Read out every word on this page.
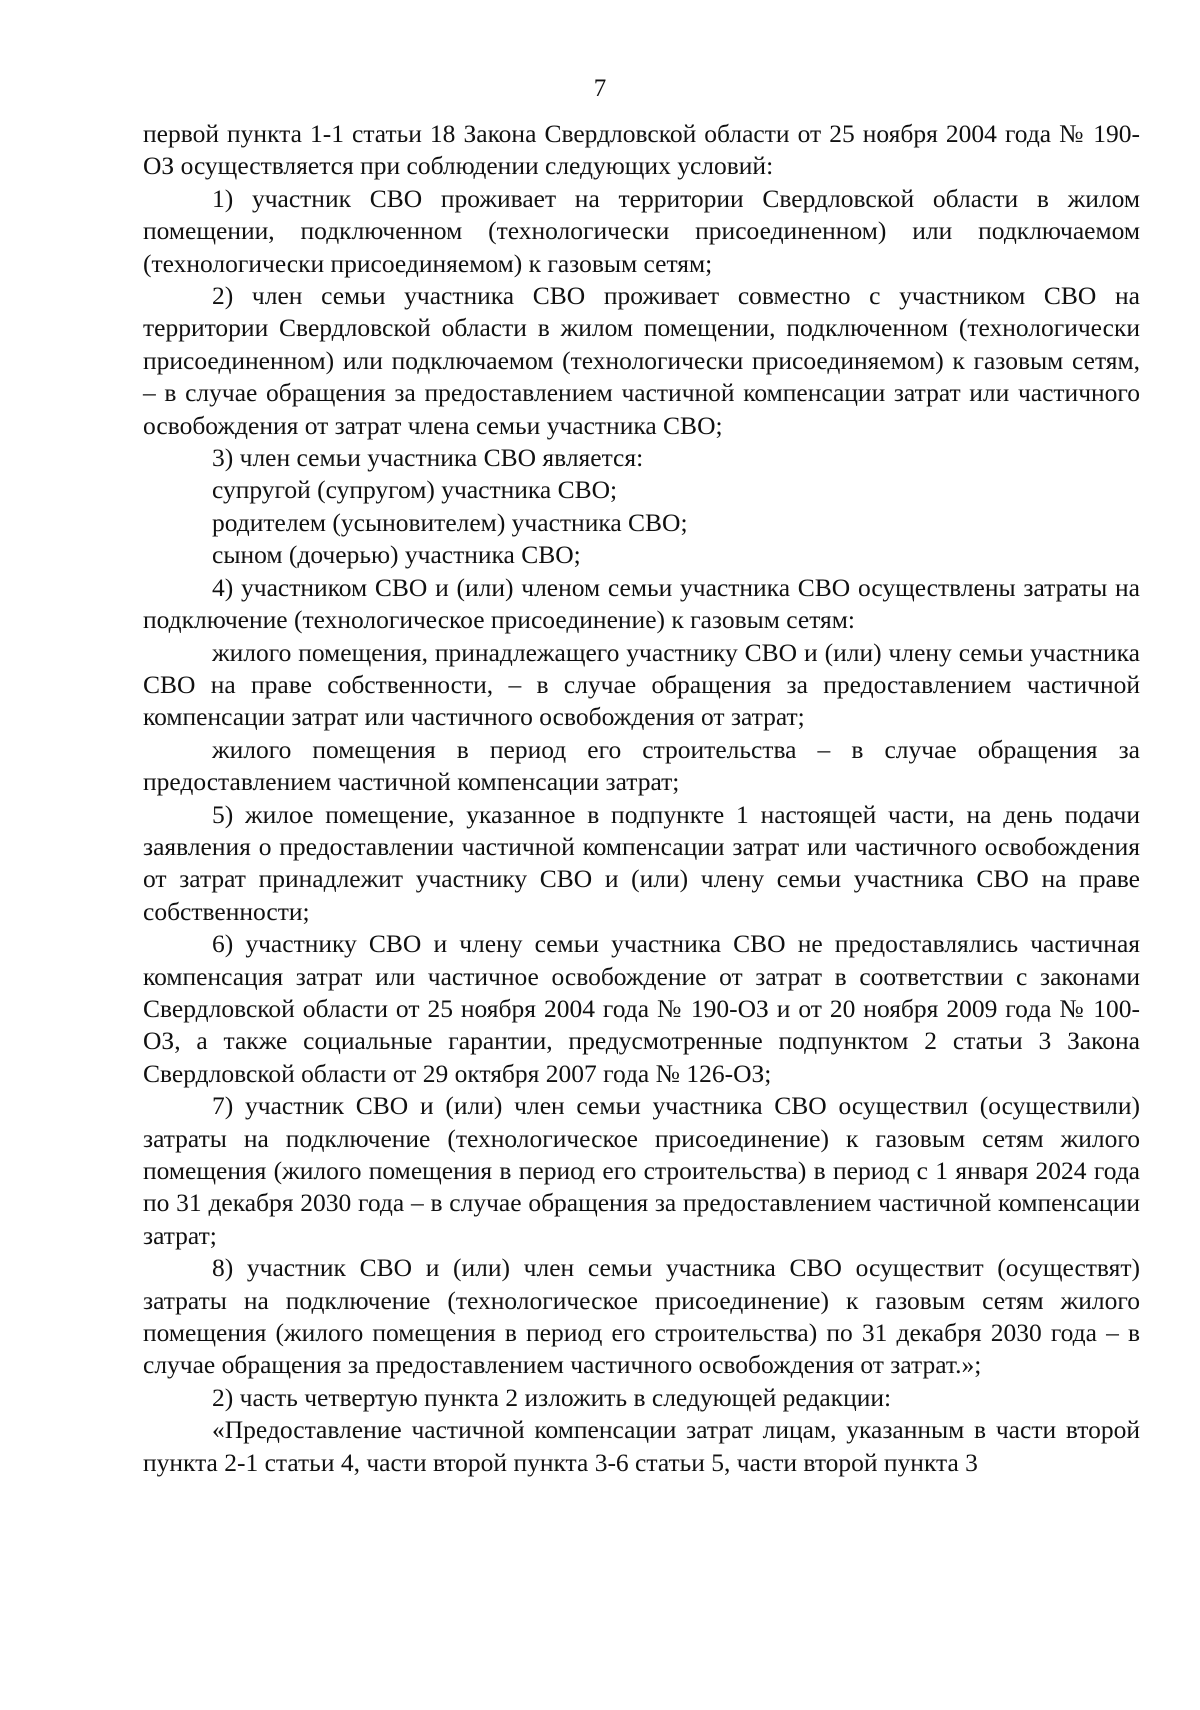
7

первой пункта 1-1 статьи 18 Закона Свердловской области от 25 ноября 2004 года № 190-ОЗ осуществляется при соблюдении следующих условий:

1) участник СВО проживает на территории Свердловской области в жилом помещении, подключенном (технологически присоединенном) или подключаемом (технологически присоединяемом) к газовым сетям;

2) член семьи участника СВО проживает совместно с участником СВО на территории Свердловской области в жилом помещении, подключенном (технологически присоединенном) или подключаемом (технологически присоединяемом) к газовым сетям, – в случае обращения за предоставлением частичной компенсации затрат или частичного освобождения от затрат члена семьи участника СВО;

3) член семьи участника СВО является:

супругой (супругом) участника СВО;

родителем (усыновителем) участника СВО;

сыном (дочерью) участника СВО;

4) участником СВО и (или) членом семьи участника СВО осуществлены затраты на подключение (технологическое присоединение) к газовым сетям:

жилого помещения, принадлежащего участнику СВО и (или) члену семьи участника СВО на праве собственности, – в случае обращения за предоставлением частичной компенсации затрат или частичного освобождения от затрат;

жилого помещения в период его строительства – в случае обращения за предоставлением частичной компенсации затрат;

5) жилое помещение, указанное в подпункте 1 настоящей части, на день подачи заявления о предоставлении частичной компенсации затрат или частичного освобождения от затрат принадлежит участнику СВО и (или) члену семьи участника СВО на праве собственности;

6) участнику СВО и члену семьи участника СВО не предоставлялись частичная компенсация затрат или частичное освобождение от затрат в соответствии с законами Свердловской области от 25 ноября 2004 года № 190-ОЗ и от 20 ноября 2009 года № 100-ОЗ, а также социальные гарантии, предусмотренные подпунктом 2 статьи 3 Закона Свердловской области от 29 октября 2007 года № 126-ОЗ;

7) участник СВО и (или) член семьи участника СВО осуществил (осуществили) затраты на подключение (технологическое присоединение) к газовым сетям жилого помещения (жилого помещения в период его строительства) в период с 1 января 2024 года по 31 декабря 2030 года – в случае обращения за предоставлением частичной компенсации затрат;

8) участник СВО и (или) член семьи участника СВО осуществит (осуществят) затраты на подключение (технологическое присоединение) к газовым сетям жилого помещения (жилого помещения в период его строительства) по 31 декабря 2030 года – в случае обращения за предоставлением частичного освобождения от затрат.»;

2) часть четвертую пункта 2 изложить в следующей редакции:

«Предоставление частичной компенсации затрат лицам, указанным в части второй пункта 2-1 статьи 4, части второй пункта 3-6 статьи 5, части второй пункта 3
